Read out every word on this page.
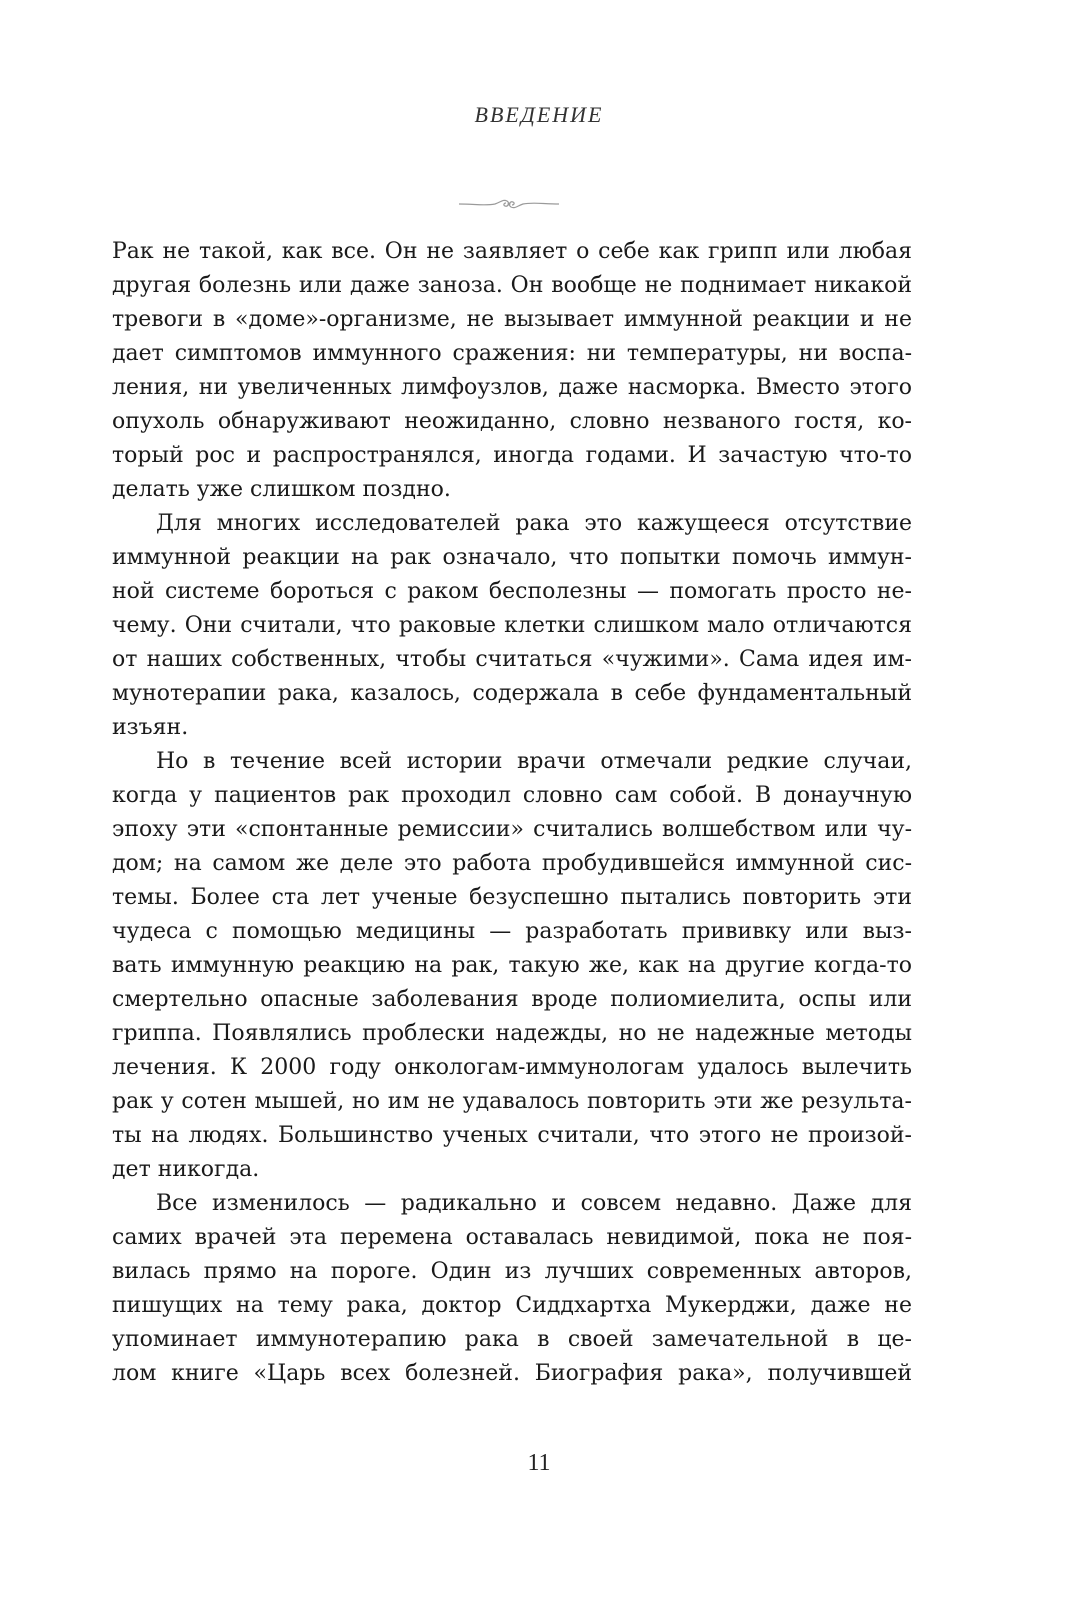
ВВЕДЕНИЕ
Рак не такой, как все. Он не заявляет о себе как грипп или любая
другая болезнь или даже заноза. Он вообще не поднимает никакой
тревоги в «доме»-организме, не вызывает иммунной реакции и не
дает симптомов иммунного сражения: ни температуры, ни воспа-
ления, ни увеличенных лимфоузлов, даже насморка. Вместо этого
опухоль обнаруживают неожиданно, словно незваного гостя, ко-
торый рос и распространялся, иногда годами. И зачастую что-то
делать уже слишком поздно.
Для многих исследователей рака это кажущееся отсутствие
иммунной реакции на рак означало, что попытки помочь иммун-
ной системе бороться с раком бесполезны — помогать просто не-
чему. Они считали, что раковые клетки слишком мало отличаются
от наших собственных, чтобы считаться «чужими». Сама идея им-
мунотерапии рака, казалось, содержала в себе фундаментальный
изъян.
Но в течение всей истории врачи отмечали редкие случаи,
когда у пациентов рак проходил словно сам собой. В донаучную
эпоху эти «спонтанные ремиссии» считались волшебством или чу-
дом; на самом же деле это работа пробудившейся иммунной сис-
темы. Более ста лет ученые безуспешно пытались повторить эти
чудеса с помощью медицины — разработать прививку или выз-
вать иммунную реакцию на рак, такую же, как на другие когда-то
смертельно опасные заболевания вроде полиомиелита, оспы или
гриппа. Появлялись проблески надежды, но не надежные методы
лечения. К 2000 году онкологам-иммунологам удалось вылечить
рак у сотен мышей, но им не удавалось повторить эти же результа-
ты на людях. Большинство ученых считали, что этого не произой-
дет никогда.
Все изменилось — радикально и совсем недавно. Даже для
самих врачей эта перемена оставалась невидимой, пока не поя-
вилась прямо на пороге. Один из лучших современных авторов,
пишущих на тему рака, доктор Сиддхартха Мукерджи, даже не
упоминает иммунотерапию рака в своей замечательной в це-
лом книге «Царь всех болезней. Биография рака», получившей
11
